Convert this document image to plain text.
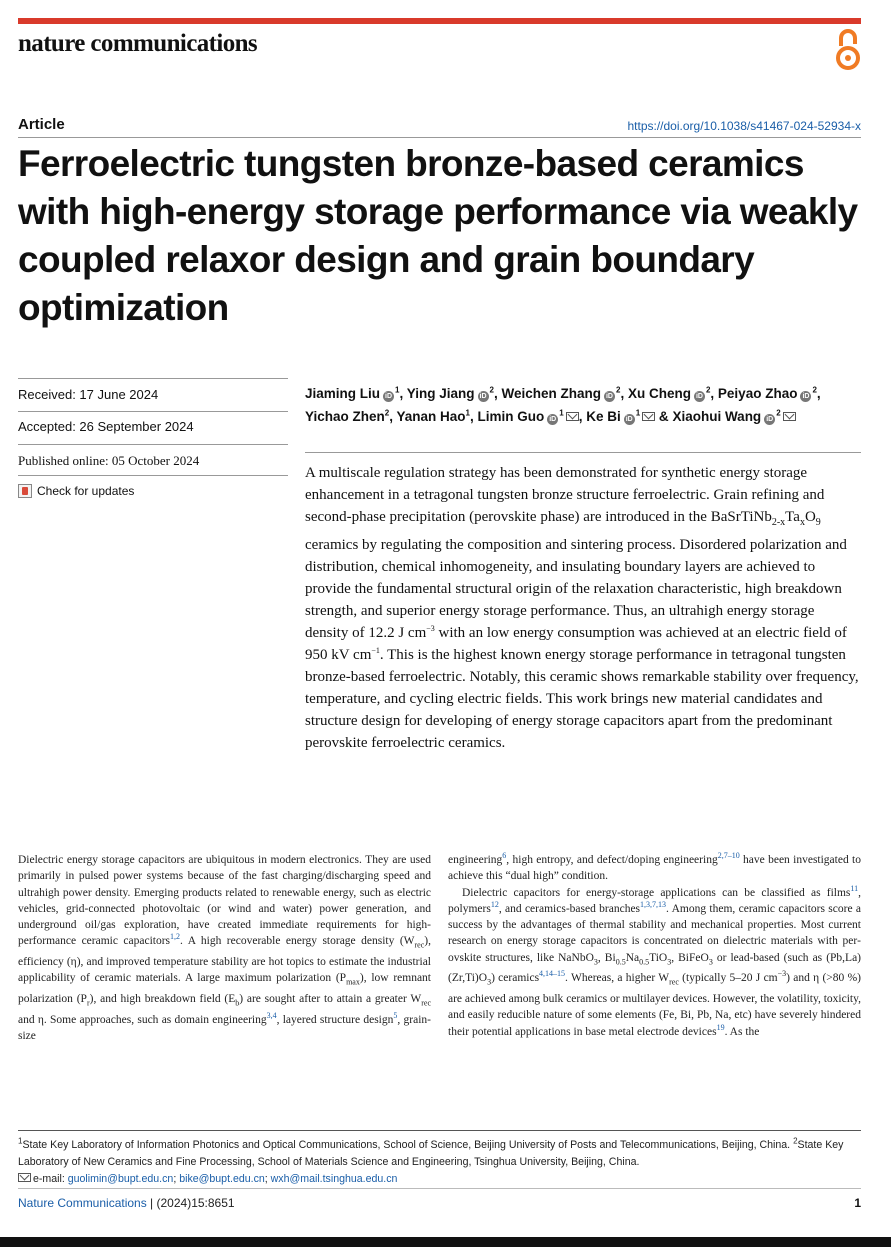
nature communications
Article	https://doi.org/10.1038/s41467-024-52934-x
Ferroelectric tungsten bronze-based ceramics with high-energy storage performance via weakly coupled relaxor design and grain boundary optimization
Received: 17 June 2024
Accepted: 26 September 2024
Published online: 05 October 2024
Check for updates

Jiaming Liu $iD^1$, Ying Jiang $iD^2$, Weichen Zhang $iD^2$, Xu Cheng $iD^2$, Peiyao Zhao $iD^2$, Yichao Zhen$^2$, Yanan Hao$^1$, Limin Guo $iD^1$ , Ke Bi $iD^1$ & Xiaohui Wang $iD^2$

A multiscale regulation strategy has been demonstrated for synthetic energy storage enhancement in a tetragonal tungsten bronze structure ferroelectric. Grain refining and second-phase precipitation (perovskite phase) are introduced in the $BaSrTiNb_{2-x}Ta_xO_9$ ceramics by regulating the composition and sintering process. Disordered polarization and distribution, chemical inhomogeneity, and insulating boundary layers are achieved to provide the fundamental structural origin of the relaxation characteristic, high breakdown strength, and superior energy storage performance. Thus, an ultrahigh energy storage density of 12.2 J $cm^{-3}$ with an low energy consumption was achieved at an electric field of 950 kV $cm^{-1}$. This is the highest known energy storage performance in tetragonal tungsten bronze-based ferroelectric. Notably, this ceramic shows remarkable stability over frequency, temperature, and cycling electric fields. This work brings new material candidates and structure design for developing of energy storage capacitors apart from the predominant perovskite ferroelectric ceramics.

Dielectric energy storage capacitors are ubiquitous in modern electronics. They are used primarily in pulsed power systems because of the fast charging/discharging speed and ultrahigh power density. Emerging products related to renewable energy, such as electric vehicles, grid-connected photovoltaic (or wind and water) power generation, and underground oil/gas exploration, have created immediate requirements for high-performance ceramic capacitors$^{1,2}$. A high recoverable energy storage density $(W_{rec})$, efficiency (η), and improved temperature stability are hot topics to estimate the industrial applicability of ceramic materials. A large maximum polarization $(P_{max})$, low remnant polarization $(P_r)$, and high breakdown field $(E_b)$ are sought after to attain a greater $W_{rec}$ and η. Some approaches, such as domain engineering$^{3,4}$, layered structure design$^5$, grain-size

engineering$^6$, high entropy, and defect/doping engineering$^{2,7-10}$ have been investigated to achieve this “dual high” condition.

Dielectric capacitors for energy-storage applications can be classified as films$^{11}$, polymers$^{12}$, and ceramics-based branches$^{1,3,7,13}$. Among them, ceramic capacitors score a success by the advantages of thermal stability and mechanical properties. Most current research on energy storage capacitors is concentrated on dielectric materials with perovskite structures, like NaNbO$_3$, $Bi_{0.5}Na_{0.5}TiO_3$, BiFeO$_3$ or lead-based (such as $(Pb,La)(Zr,Ti)O_3$) ceramics$^{4,14-15}$. Whereas, a higher $W_{rec}$ (typically 5–20 J $cm^{-3}$) and η (>80 %) are achieved among bulk ceramics or multilayer devices. However, the volatility, toxicity, and easily reducible nature of some elements (Fe, Bi, Pb, Na, etc) have severely hindered their potential applications in base metal electrode devices$^{19}$. As the

$^1$State Key Laboratory of Information Photonics and Optical Communications, School of Science, Beijing University of Posts and Telecommunications, Beijing, China. $^2$State Key Laboratory of New Ceramics and Fine Processing, School of Materials Science and Engineering, Tsinghua University, Beijing, China.
e-mail: guolimin@bupt.edu.cn; bike@bupt.edu.cn; wxh@mail.tsinghua.edu.cn

Nature Communications | (2024)15:8651	1
